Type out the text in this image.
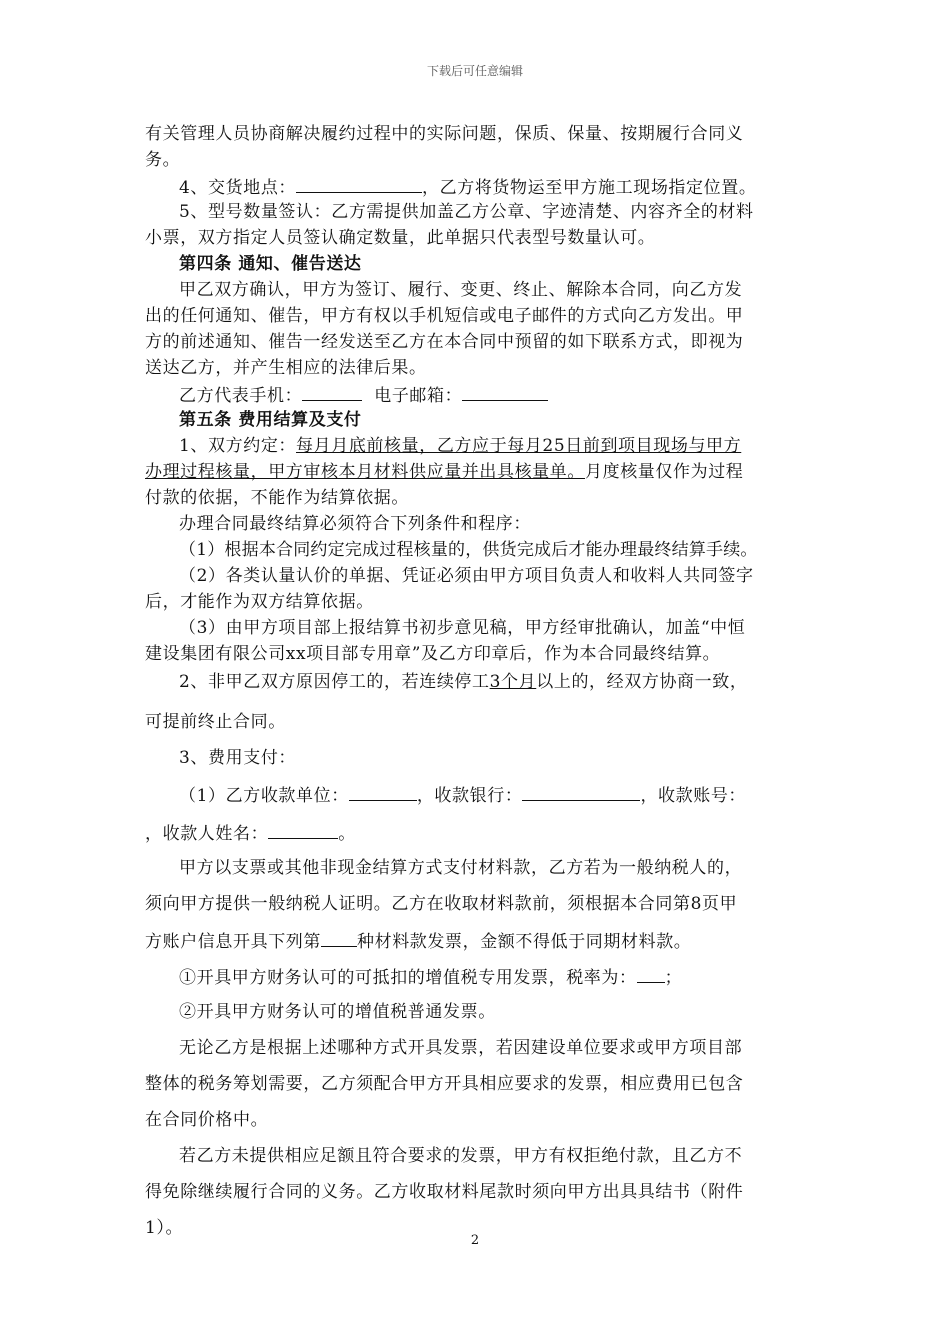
下载后可任意编辑
有关管理人员协商解决履约过程中的实际问题，保质、保量、按期履行合同义
务。
4、交货地点：	，乙方将货物运至甲方施工现场指定位置。
5、型号数量签认：乙方需提供加盖乙方公章、字迹清楚、内容齐全的材料
小票，双方指定人员签认确定数量，此单据只代表型号数量认可。
第四条 通知、催告送达
甲乙双方确认，甲方为签订、履行、变更、终止、解除本合同，向乙方发
出的任何通知、催告，甲方有权以手机短信或电子邮件的方式向乙方发出。甲
方的前述通知、催告一经发送至乙方在本合同中预留的如下联系方式，即视为
送达乙方，并产生相应的法律后果。
乙方代表手机：	电子邮箱：
第五条 费用结算及支付
1、双方约定：每月月底前核量，乙方应于每月25日前到项目现场与甲方
办理过程核量，甲方审核本月材料供应量并出具核量单。月度核量仅作为过程
付款的依据，不能作为结算依据。
办理合同最终结算必须符合下列条件和程序：
（1）根据本合同约定完成过程核量的，供货完成后才能办理最终结算手续。
（2）各类认量认价的单据、凭证必须由甲方项目负责人和收料人共同签字
后，才能作为双方结算依据。
（3）由甲方项目部上报结算书初步意见稿，甲方经审批确认，加盖“中恒
建设集团有限公司xx项目部专用章”及乙方印章后，作为本合同最终结算。
2、非甲乙双方原因停工的，若连续停工3个月以上的，经双方协商一致，
可提前终止合同。
3、费用支付：
（1）乙方收款单位：	，收款银行：	，收款账号：
，收款人姓名：	。
甲方以支票或其他非现金结算方式支付材料款，乙方若为一般纳税人的，
须向甲方提供一般纳税人证明。乙方在收取材料款前，须根据本合同第8页甲
方账户信息开具下列第 种材料款发票，金额不得低于同期材料款。
①开具甲方财务认可的可抵扣的增值税专用发票，税率为： ；
②开具甲方财务认可的增值税普通发票。
无论乙方是根据上述哪种方式开具发票，若因建设单位要求或甲方项目部
整体的税务筹划需要，乙方须配合甲方开具相应要求的发票，相应费用已包含
在合同价格中。
若乙方未提供相应足额且符合要求的发票，甲方有权拒绝付款，且乙方不
得免除继续履行合同的义务。乙方收取材料尾款时须向甲方出具具结书（附件
1）。
2
